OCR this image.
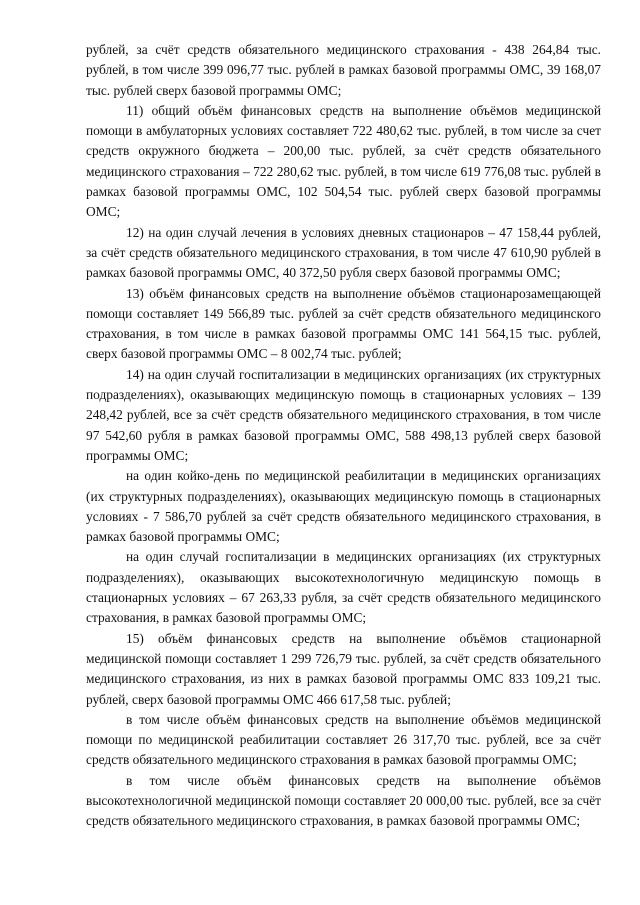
рублей, за счёт средств обязательного медицинского страхования - 438 264,84 тыс. рублей, в том числе 399 096,77 тыс. рублей в рамках базовой программы ОМС, 39 168,07 тыс. рублей сверх базовой программы ОМС;

11) общий объём финансовых средств на выполнение объёмов медицинской помощи в амбулаторных условиях составляет 722 480,62 тыс. рублей, в том числе за счет средств окружного бюджета – 200,00 тыс. рублей, за счёт средств обязательного медицинского страхования – 722 280,62 тыс. рублей, в том числе 619 776,08 тыс. рублей в рамках базовой программы ОМС, 102 504,54 тыс. рублей сверх базовой программы ОМС;

12) на один случай лечения в условиях дневных стационаров – 47 158,44 рублей, за счёт средств обязательного медицинского страхования, в том числе 47 610,90 рублей в рамках базовой программы ОМС, 40 372,50 рубля сверх базовой программы ОМС;

13) объём финансовых средств на выполнение объёмов стационарозамещающей помощи составляет 149 566,89 тыс. рублей за счёт средств обязательного медицинского страхования, в том числе в рамках базовой программы ОМС 141 564,15 тыс. рублей, сверх базовой программы ОМС – 8 002,74 тыс. рублей;

14) на один случай госпитализации в медицинских организациях (их структурных подразделениях), оказывающих медицинскую помощь в стационарных условиях – 139 248,42 рублей, все за счёт средств обязательного медицинского страхования, в том числе 97 542,60 рубля в рамках базовой программы ОМС, 588 498,13 рублей сверх базовой программы ОМС;

на один койко-день по медицинской реабилитации в медицинских организациях (их структурных подразделениях), оказывающих медицинскую помощь в стационарных условиях - 7 586,70 рублей за счёт средств обязательного медицинского страхования, в рамках базовой программы ОМС;

на один случай госпитализации в медицинских организациях (их структурных подразделениях), оказывающих высокотехнологичную медицинскую помощь в стационарных условиях – 67 263,33 рубля, за счёт средств обязательного медицинского страхования, в рамках базовой программы ОМС;

15) объём финансовых средств на выполнение объёмов стационарной медицинской помощи составляет 1 299 726,79 тыс. рублей, за счёт средств обязательного медицинского страхования, из них в рамках базовой программы ОМС 833 109,21 тыс. рублей, сверх базовой программы ОМС 466 617,58 тыс. рублей;

в том числе объём финансовых средств на выполнение объёмов медицинской помощи по медицинской реабилитации составляет 26 317,70 тыс. рублей, все за счёт средств обязательного медицинского страхования в рамках базовой программы ОМС;

в том числе объём финансовых средств на выполнение объёмов высокотехнологичной медицинской помощи составляет 20 000,00 тыс. рублей, все за счёт средств обязательного медицинского страхования, в рамках базовой программы ОМС;
